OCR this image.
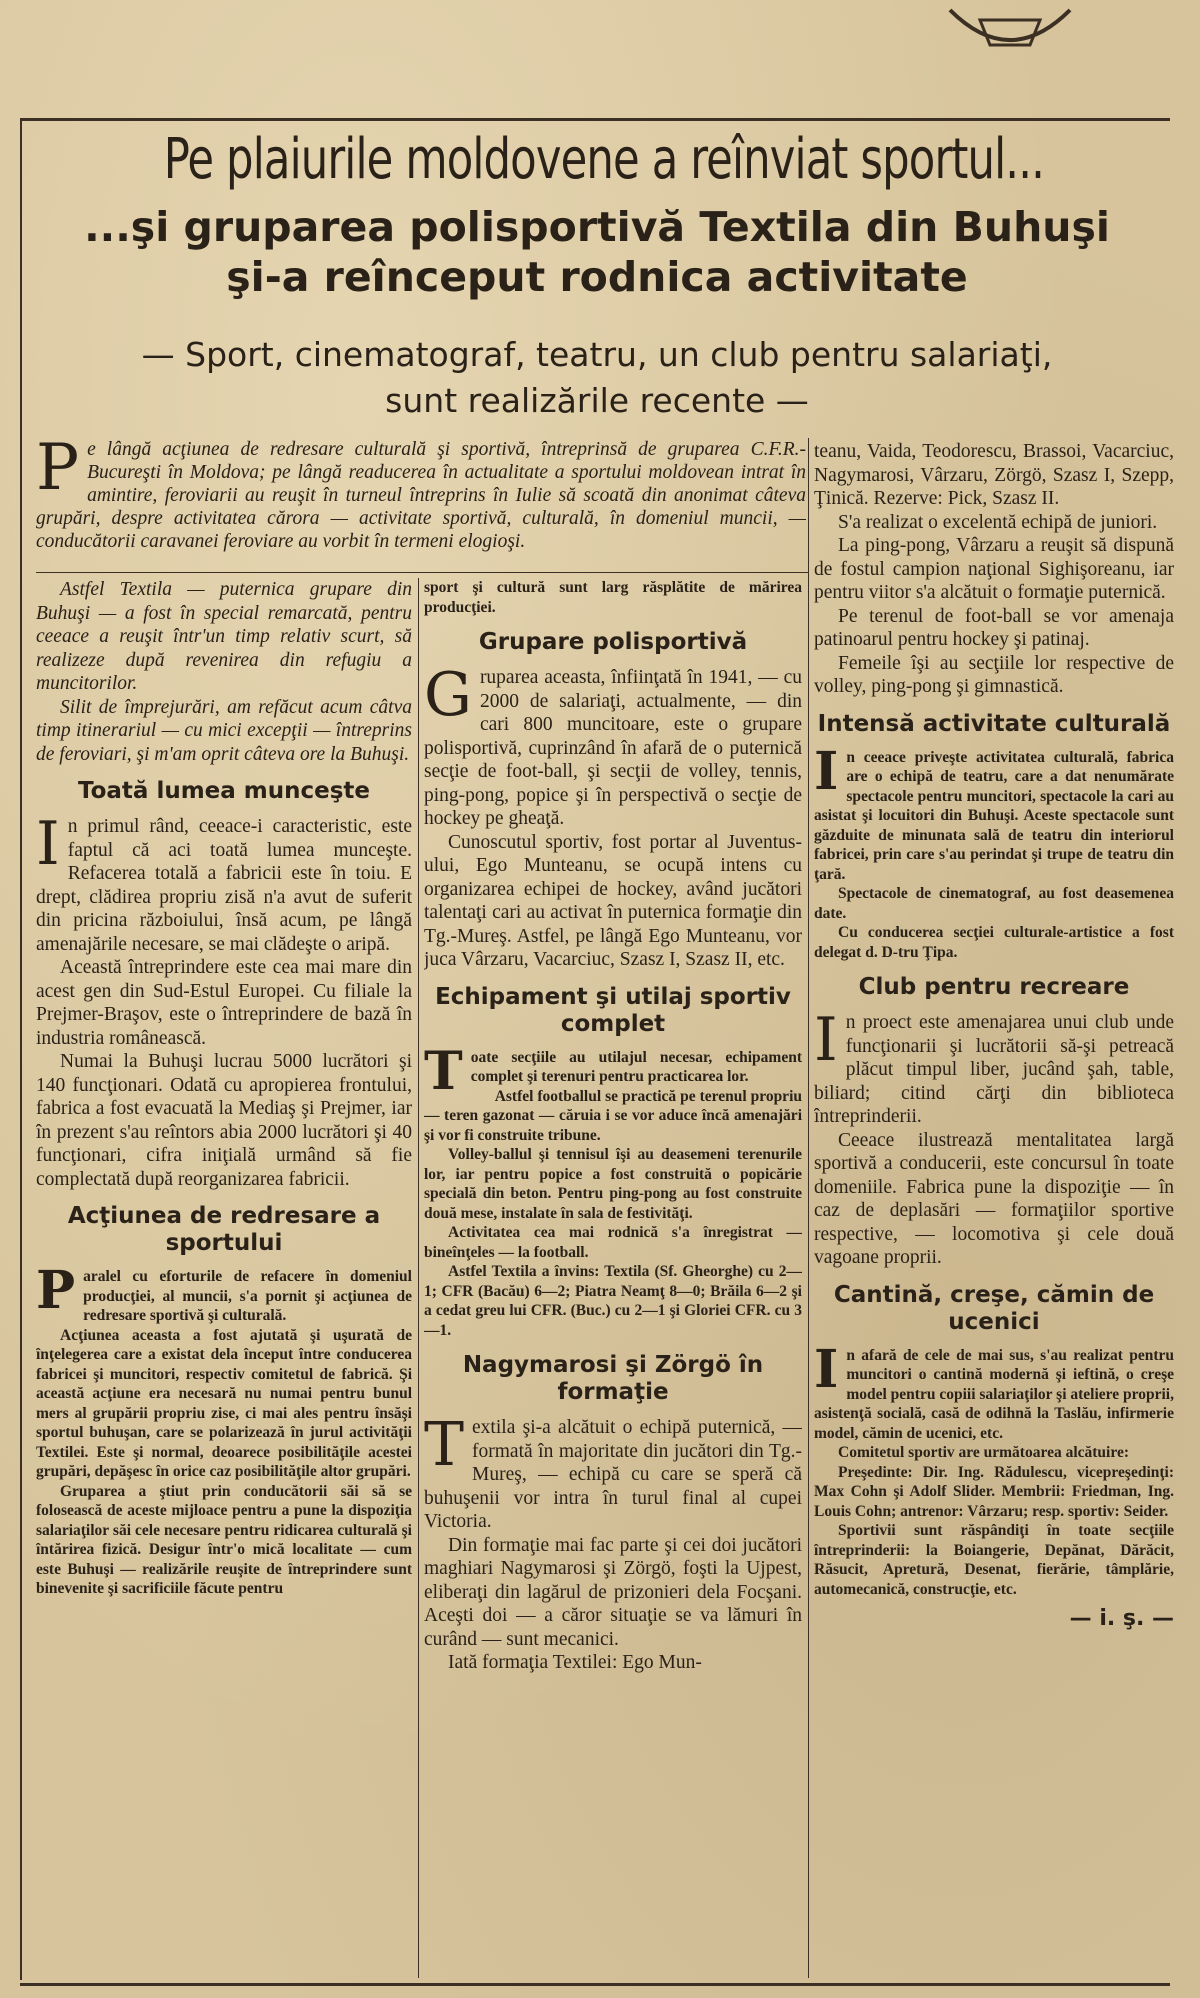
Pe plaiurile moldovene a reînviat sportul...
...şi gruparea polisportivă Textila din Buhuşi
şi-a reînceput rodnica activitate
— Sport, cinematograf, teatru, un club pentru salariaţi,
sunt realizările recente —
Pe lângă acţiunea de redresare culturală şi sportivă, întreprinsă de gruparea C.F.R.-Bucureşti în Moldova; pe lângă readucerea în actualitate a sportului moldovean intrat în amintire, feroviarii au reuşit în turneul întreprins în Iulie să scoată din anonimat câteva grupări, despre activitatea cărora — activitate sportivă, culturală, în domeniul muncii, — conducătorii caravanei feroviare au vorbit în termeni elogioşi.

Astfel Textila — puternica grupare din Buhuşi — a fost în special remarcată, pentru ceeace a reuşit într'un timp relativ scurt, să realizeze după revenirea din refugiu a muncitorilor.

Silit de împrejurări, am refăcut acum câtva timp itinerariul — cu mici excepţii — întreprins de feroviari, şi m'am oprit câteva ore la Buhuşi.

Toată lumea munceşte

In primul rând, ceeace-i caracteristic, este faptul că aci toată lumea munceşte. Refacerea totală a fabricii este în toiu. E drept, clădirea propriu zisă n'a avut de suferit din pricina războiului, însă acum, pe lângă amenajările necesare, se mai clădeşte o aripă.

Această întreprindere este cea mai mare din acest gen din Sud-Estul Europei. Cu filiale la Prejmer-Braşov, este o întreprindere de bază în industria românească.

Numai la Buhuşi lucrau 5000 lucrători şi 140 funcţionari. Odată cu apropierea frontului, fabrica a fost evacuată la Mediaş şi Prejmer, iar în prezent s'au reîntors abia 2000 lucrători şi 40 funcţionari, cifra iniţială urmând să fie complectată după reorganizarea fabricii.

Acţiunea de redresare a sportului

Paralel cu eforturile de refacere în domeniul producţiei, al muncii, s'a pornit şi acţiunea de redresare sportivă şi culturală.

Acţiunea aceasta a fost ajutată şi uşurată de înţelegerea care a existat dela început între conducerea fabricei şi muncitori, respectiv comitetul de fabrică. Şi această acţiune era necesară nu numai pentru bunul mers al grupării propriu zise, ci mai ales pentru însăşi sportul buhuşan, care se polarizează în jurul activităţii Textilei. Este şi normal, deoarece posibilităţile acestei grupări, depăşesc în orice caz posibilităţile altor grupări.

Gruparea a ştiut prin conducătorii săi să se folosească de aceste mijloace pentru a pune la dispoziţia salariaţilor săi cele necesare pentru ridicarea culturală şi întărirea fizică. Desigur într'o mică localitate — cum este Buhuşi — realizările reuşite de întreprindere sunt binevenite şi sacrificiile făcute pentru

sport şi cultură sunt larg răsplătite de mărirea producţiei.

Grupare polisportivă

Gruparea aceasta, înfiinţată în 1941, — cu 2000 de salariaţi, actualmente, — din cari 800 muncitoare, este o grupare polisportivă, cuprinzând în afară de o puternică secţie de foot-ball, şi secţii de volley, tennis, ping-pong, popice şi în perspectivă o secţie de hockey pe gheaţă.

Cunoscutul sportiv, fost portar al Juventus-ului, Ego Munteanu, se ocupă intens cu organizarea echipei de hockey, având jucători talentaţi cari au activat în puternica formaţie din Tg.-Mureş. Astfel, pe lângă Ego Munteanu, vor juca Vârzaru, Vacarciuc, Szasz I, Szasz II, etc.

Echipament şi utilaj sportiv complet

Toate secţiile au utilajul necesar, echipament complet şi terenuri pentru practicarea lor.

Astfel footballul se practică pe terenul propriu — teren gazonat — căruia i se vor aduce încă amenajări şi vor fi construite tribune.

Volley-ballul şi tennisul îşi au deasemeni terenurile lor, iar pentru popice a fost construită o popicărie specială din beton. Pentru ping-pong au fost construite două mese, instalate în sala de festivităţi.

Activitatea cea mai rodnică s'a înregistrat — bineînţeles — la football.

Astfel Textila a învins: Textila (Sf. Gheorghe) cu 2—1; CFR (Bacău) 6—2; Piatra Neamţ 8—0; Brăila 6—2 şi a cedat greu lui CFR. (Buc.) cu 2—1 şi Gloriei CFR. cu 3—1.

Nagymarosi şi Zörgö în formaţie

Textila şi-a alcătuit o echipă puternică, — formată în majoritate din jucători din Tg.-Mureş, — echipă cu care se speră că buhuşenii vor intra în turul final al cupei Victoria.

Din formaţie mai fac parte şi cei doi jucători maghiari Nagymarosi şi Zörgö, foşti la Ujpest, eliberaţi din lagărul de prizonieri dela Focşani. Aceşti doi — a căror situaţie se va lămuri în curând — sunt mecanici.

Iată formaţia Textilei: Ego Mun-

teanu, Vaida, Teodorescu, Brassoi, Vacarciuc, Nagymarosi, Vârzaru, Zörgö, Szasz I, Szepp, Ţinică. Rezerve: Pick, Szasz II.

S'a realizat o excelentă echipă de juniori.

La ping-pong, Vârzaru a reuşit să dispună de fostul campion naţional Sighişoreanu, iar pentru viitor s'a alcătuit o formaţie puternică.

Pe terenul de foot-ball se vor amenaja patinoarul pentru hockey şi patinaj.

Femeile îşi au secţiile lor respective de volley, ping-pong şi gimnastică.

Intensă activitate culturală

In ceeace priveşte activitatea culturală, fabrica are o echipă de teatru, care a dat nenumărate spectacole pentru muncitori, spectacole la cari au asistat şi locuitori din Buhuşi. Aceste spectacole sunt găzduite de minunata sală de teatru din interiorul fabricei, prin care s'au perindat şi trupe de teatru din ţară.

Spectacole de cinematograf, au fost deasemenea date.

Cu conducerea secţiei culturale-artistice a fost delegat d. D-tru Ţipa.

Club pentru recreare

In proect este amenajarea unui club unde funcţionarii şi lucrătorii să-şi petreacă plăcut timpul liber, jucând şah, table, biliard; citind cărţi din biblioteca întreprinderii.

Ceeace ilustrează mentalitatea largă sportivă a conducerii, este concursul în toate domeniile. Fabrica pune la dispoziţie — în caz de deplasări — formaţiilor sportive respective, — locomotiva şi cele două vagoane proprii.

Cantină, creşe, cămin de ucenici

In afară de cele de mai sus, s'au realizat pentru muncitori o cantină modernă şi ieftină, o creşe model pentru copiii salariaţilor şi ateliere proprii, asistenţă socială, casă de odihnă la Taslău, infirmerie model, cămin de ucenici, etc.

Comitetul sportiv are următoarea alcătuire:

Preşedinte: Dir. Ing. Rădulescu, vicepreşedinţi: Max Cohn şi Adolf Slider. Membrii: Friedman, Ing. Louis Cohn; antrenor: Vârzaru; resp. sportiv: Seider.

Sportivii sunt răspândiţi în toate secţiile întreprinderii: la Boiangerie, Depănat, Dărăcit, Răsucit, Apretură, Desenat, fierărie, tâmplărie, automecanică, construcţie, etc.

— i. ş. —
